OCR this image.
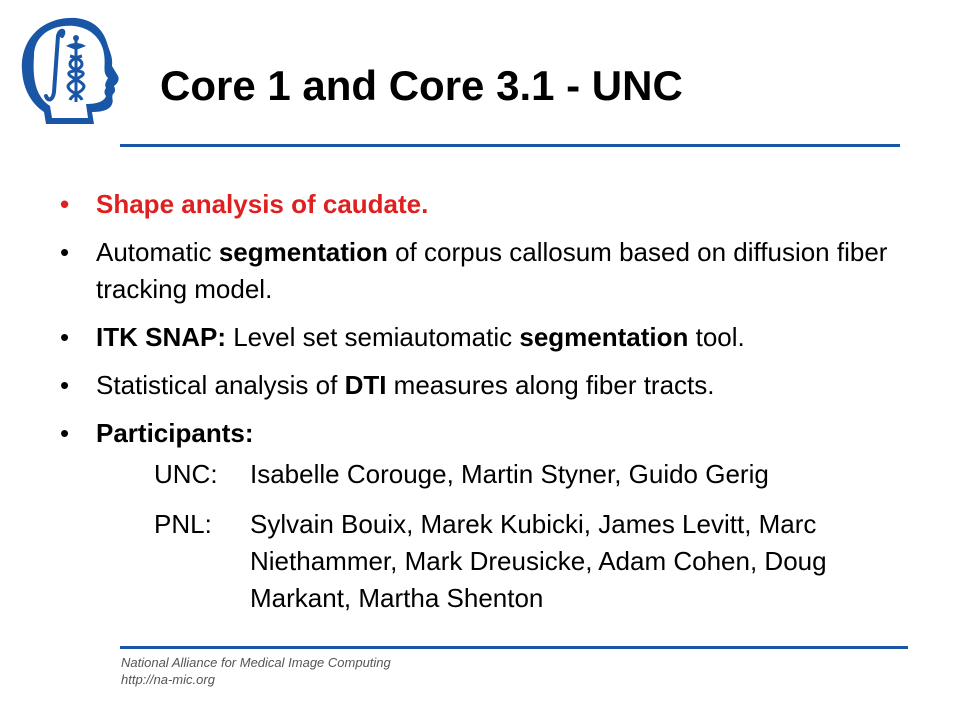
Core 1 and Core 3.1 - UNC
• Shape analysis of caudate.
• Automatic segmentation of corpus callosum based on diffusion fiber tracking model.
• ITK SNAP: Level set semiautomatic segmentation tool.
• Statistical analysis of DTI measures along fiber tracts.
• Participants:
UNC:	Isabelle Corouge, Martin Styner, Guido Gerig
PNL:	Sylvain Bouix, Marek Kubicki, James Levitt, Marc Niethammer, Mark Dreusicke, Adam Cohen, Doug Markant, Martha Shenton
National Alliance for Medical Image Computing
http://na-mic.org
